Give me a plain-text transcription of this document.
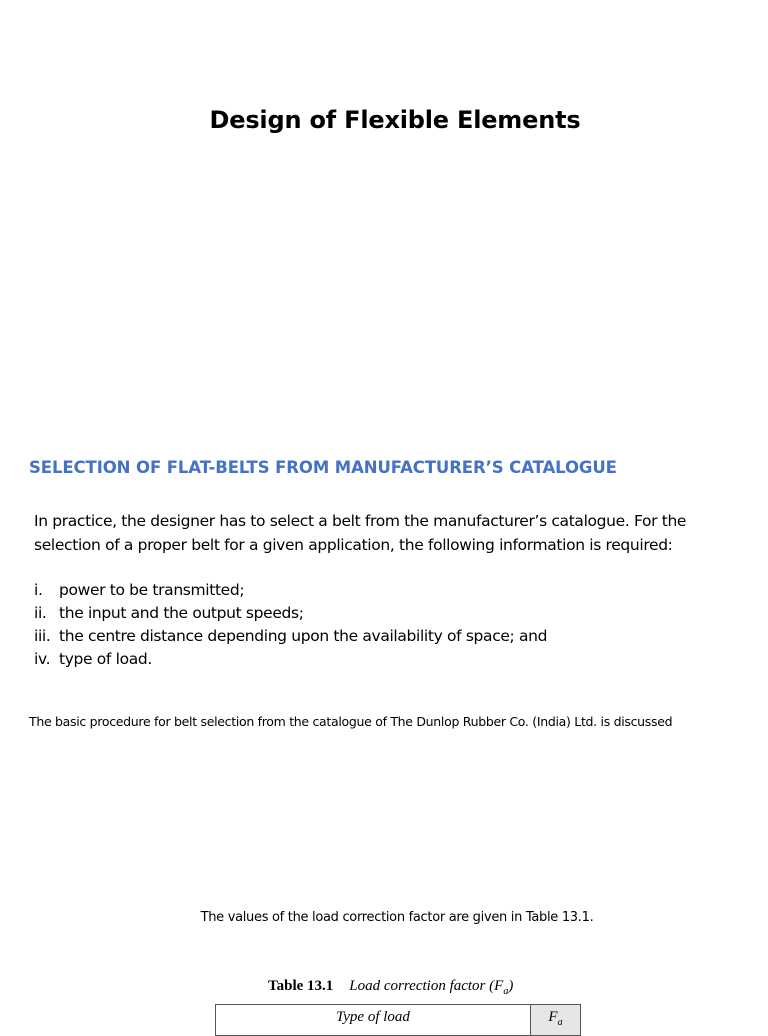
Design of Flexible Elements
SELECTION OF FLAT-BELTS FROM MANUFACTURER’S CATALOGUE

In practice, the designer has to select a belt from the manufacturer’s catalogue. For the

selection of a proper belt for a given application, the following information is required:

i.	power to be transmitted;
ii. the input and the output speeds;
iii. the centre distance depending upon the availability of space; and
iv. type of load.
The basic procedure for belt selection from the catalogue of The Dunlop Rubber Co. (India) Ltd. is discussed
The values of the load correction factor are given in Table 13.1.
Table 13.1 Load correction factor $(F_a)$
Type of load	$F_a$
